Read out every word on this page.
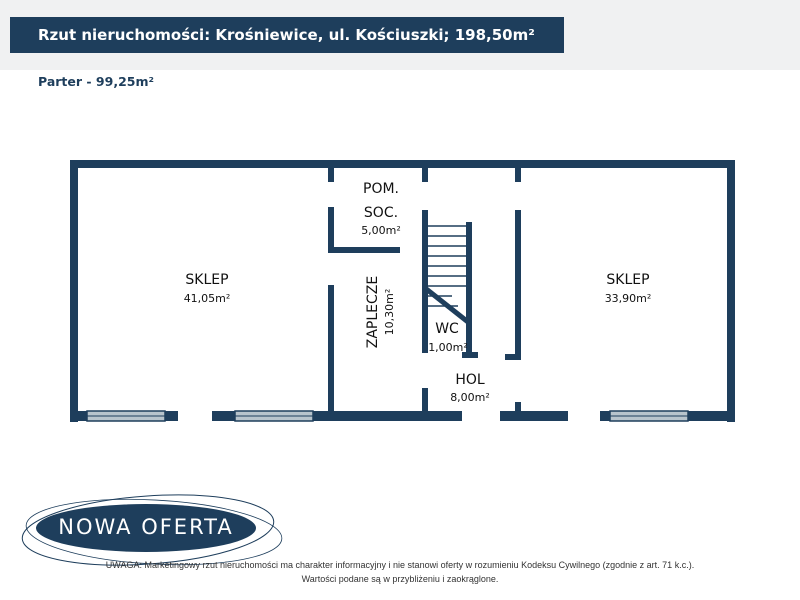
Rzut nieruchomości: Krośniewice, ul. Kościuszki; 198,50m²
Parter - 99,25m²
SKLEP
41,05m²
POM.
SOC.
5,00m²
ZAPLECZE 10,30m²	WC
1,00m²
HOL
8,00m²
SKLEP
33,90m²
NOWA OFERTA
UWAGA: Marketingowy rzut nieruchomości ma charakter informacyjny i nie stanowi oferty w rozumieniu Kodeksu Cywilnego (zgodnie z art. 71 k.c.).
Wartości podane są w przybliżeniu i zaokrąglone.
